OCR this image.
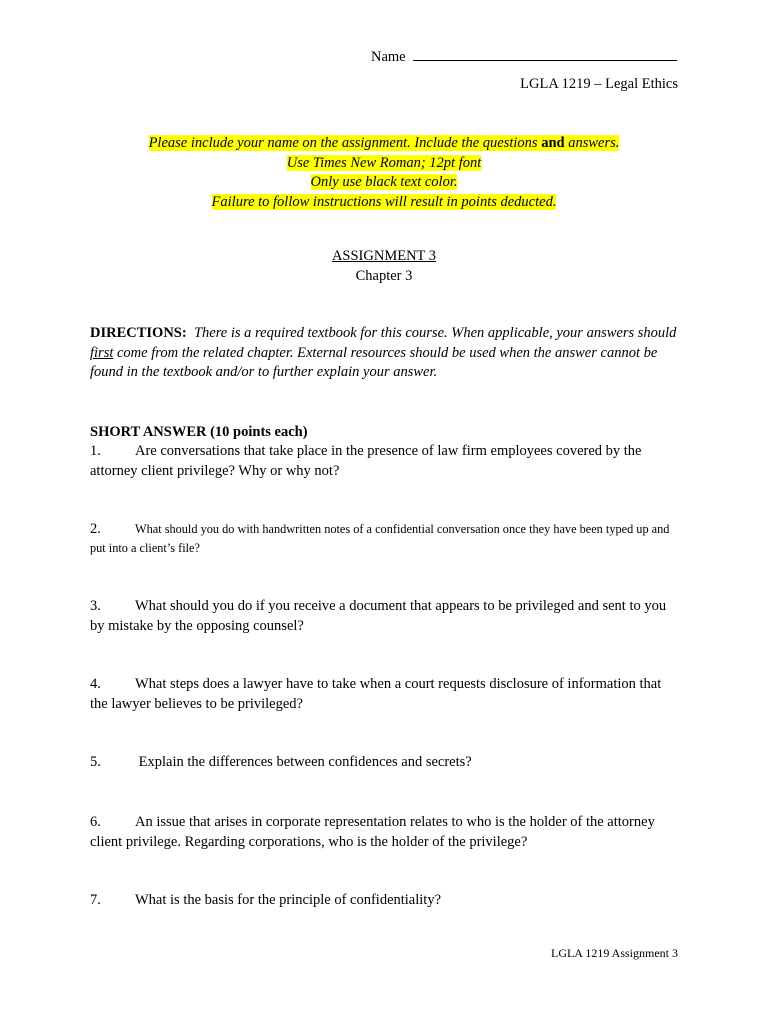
Name
LGLA 1219 – Legal Ethics
Please include your name on the assignment. Include the questions and answers.
Use Times New Roman; 12pt font
Only use black text color.
Failure to follow instructions will result in points deducted.
ASSIGNMENT 3
Chapter 3
DIRECTIONS: There is a required textbook for this course. When applicable, your answers should first come from the related chapter. External resources should be used when the answer cannot be found in the textbook and/or to further explain your answer.
SHORT ANSWER (10 points each)
1. Are conversations that take place in the presence of law firm employees covered by the attorney client privilege? Why or why not?
2.	What should you do with handwritten notes of a confidential conversation once they have been typed up and put into a client’s file?
3. What should you do if you receive a document that appears to be privileged and sent to you by mistake by the opposing counsel?
4. What steps does a lawyer have to take when a court requests disclosure of information that the lawyer believes to be privileged?
5. Explain the differences between confidences and secrets?
6. An issue that arises in corporate representation relates to who is the holder of the attorney client privilege. Regarding corporations, who is the holder of the privilege?
7. What is the basis for the principle of confidentiality?
LGLA 1219 Assignment 3
